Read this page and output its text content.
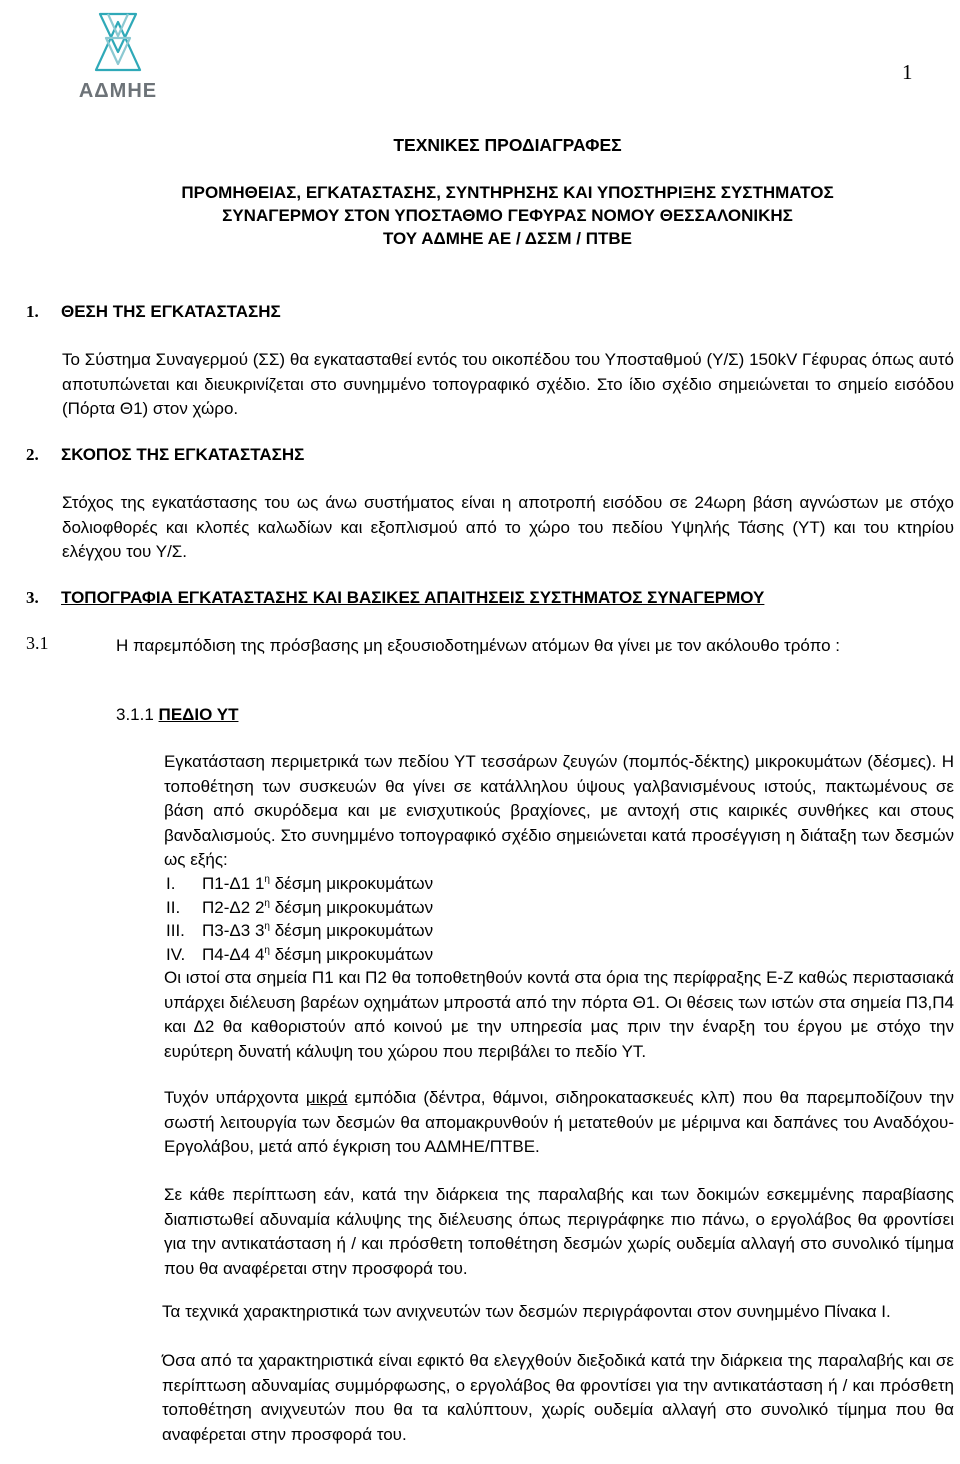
ΑΔΜΗΕ
1
ΤΕΧΝΙΚΕΣ ΠΡΟΔΙΑΓΡΑΦΕΣ
ΠΡΟΜΗΘΕΙΑΣ, ΕΓΚΑΤΑΣΤΑΣΗΣ, ΣΥΝΤΗΡΗΣΗΣ ΚΑΙ ΥΠΟΣΤΗΡΙΞΗΣ ΣΥΣΤΗΜΑΤΟΣ
ΣΥΝΑΓΕΡΜΟΥ ΣΤΟΝ ΥΠΟΣΤΑΘΜΟ ΓΕΦΥΡΑΣ ΝΟΜΟΥ ΘΕΣΣΑΛΟΝΙΚΗΣ
ΤΟΥ ΑΔΜΗΕ ΑΕ / ΔΣΣΜ / ΠΤΒΕ
1. ΘΕΣΗ ΤΗΣ ΕΓΚΑΤΑΣΤΑΣΗΣ
Το Σύστημα Συναγερμού (ΣΣ) θα εγκατασταθεί εντός του οικοπέδου του Υποσταθμού (Υ/Σ) 150kV Γέφυρας όπως αυτό αποτυπώνεται και διευκρινίζεται στο συνημμένο τοπογραφικό σχέδιο. Στο ίδιο σχέδιο σημειώνεται το σημείο εισόδου (Πόρτα Θ1) στον χώρο.
2. ΣΚΟΠΟΣ ΤΗΣ ΕΓΚΑΤΑΣΤΑΣΗΣ
Στόχος της εγκατάστασης του ως άνω συστήματος είναι η αποτροπή εισόδου σε 24ωρη βάση αγνώστων με στόχο δολιοφθορές και κλοπές καλωδίων και εξοπλισμού από το χώρο του πεδίου Υψηλής Τάσης (ΥΤ) και του κτηρίου ελέγχου του Υ/Σ.
3. ΤΟΠΟΓΡΑΦΙΑ ΕΓΚΑΤΑΣΤΑΣΗΣ ΚΑΙ ΒΑΣΙΚΕΣ ΑΠΑΙΤΗΣΕΙΣ ΣΥΣΤΗΜΑΤΟΣ ΣΥΝΑΓΕΡΜΟΥ
3.1	Η παρεμπόδιση της πρόσβασης μη εξουσιοδοτημένων ατόμων θα γίνει με τον ακόλουθο τρόπο :
3.1.1 ΠΕΔΙΟ ΥΤ
Εγκατάσταση περιμετρικά των πεδίου ΥΤ τεσσάρων ζευγών (πομπός-δέκτης) μικροκυμάτων (δέσμες). Η τοποθέτηση των συσκευών θα γίνει σε κατάλληλου ύψους γαλβανισμένους ιστούς, πακτωμένους σε βάση από σκυρόδεμα και με ενισχυτικούς βραχίονες, με αντοχή στις καιρικές συνθήκες και στους βανδαλισμούς. Στο συνημμένο τοπογραφικό σχέδιο σημειώνεται κατά προσέγγιση η διάταξη των δεσμών ως εξής:
Ι. Π1-Δ1 $1^\eta$ δέσμη μικροκυμάτων
ΙΙ. Π2-Δ2 $2^\eta$ δέσμη μικροκυμάτων
ΙΙΙ. Π3-Δ3 $3^\eta$ δέσμη μικροκυμάτων
IV. Π4-Δ4 $4^\eta$ δέσμη μικροκυμάτων
Οι ιστοί στα σημεία Π1 και Π2 θα τοποθετηθούν κοντά στα όρια της περίφραξης Ε-Ζ καθώς περιστασιακά υπάρχει διέλευση βαρέων οχημάτων μπροστά από την πόρτα Θ1. Οι θέσεις των ιστών στα σημεία Π3,Π4 και Δ2 θα καθοριστούν από κοινού με την υπηρεσία μας πριν την έναρξη του έργου με στόχο την ευρύτερη δυνατή κάλυψη του χώρου που περιβάλει το πεδίο ΥΤ.
Τυχόν υπάρχοντα μικρά εμπόδια (δέντρα, θάμνοι, σιδηροκατασκευές κλπ) που θα παρεμποδίζουν την σωστή λειτουργία των δεσμών θα απομακρυνθούν ή μετατεθούν με μέριμνα και δαπάνες του Αναδόχου-Εργολάβου, μετά από έγκριση του ΑΔΜΗΕ/ΠΤΒΕ.
Σε κάθε περίπτωση εάν, κατά την διάρκεια της παραλαβής και των δοκιμών εσκεμμένης παραβίασης διαπιστωθεί αδυναμία κάλυψης της διέλευσης όπως περιγράφηκε πιο πάνω, ο εργολάβος θα φροντίσει για την αντικατάσταση ή / και πρόσθετη τοποθέτηση δεσμών χωρίς ουδεμία αλλαγή στο συνολικό τίμημα που θα αναφέρεται στην προσφορά του.
Τα τεχνικά χαρακτηριστικά των ανιχνευτών των δεσμών περιγράφονται στον συνημμένο Πίνακα Ι.
Όσα από τα χαρακτηριστικά είναι εφικτό θα ελεγχθούν διεξοδικά κατά την διάρκεια της παραλαβής και σε περίπτωση αδυναμίας συμμόρφωσης, ο εργολάβος θα φροντίσει για την αντικατάσταση ή / και πρόσθετη τοποθέτηση ανιχνευτών που θα τα καλύπτουν, χωρίς ουδεμία αλλαγή στο συνολικό τίμημα που θα αναφέρεται στην προσφορά του.
